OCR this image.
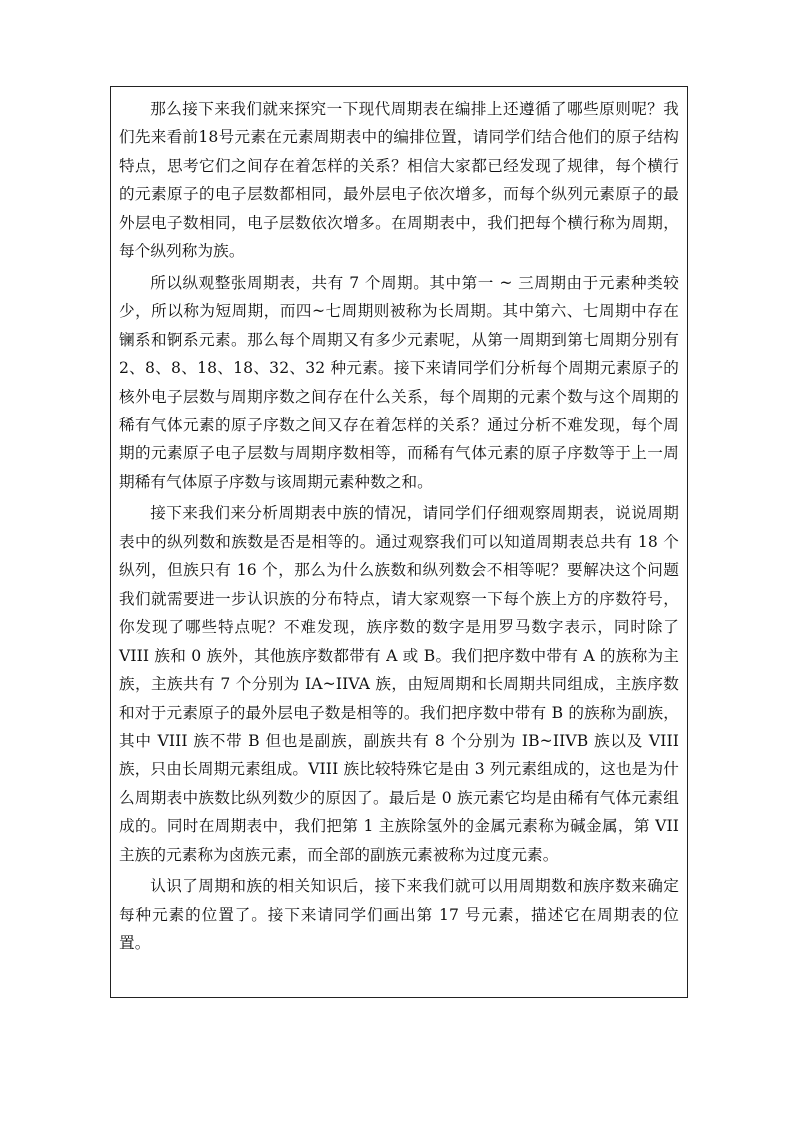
那么接下来我们就来探究一下现代周期表在编排上还遵循了哪些原则呢？我们先来看前18号元素在元素周期表中的编排位置，请同学们结合他们的原子结构特点，思考它们之间存在着怎样的关系？相信大家都已经发现了规律，每个横行的元素原子的电子层数都相同，最外层电子依次增多，而每个纵列元素原子的最外层电子数相同，电子层数依次增多。在周期表中，我们把每个横行称为周期，每个纵列称为族。

所以纵观整张周期表，共有 7 个周期。其中第一 ~ 三周期由于元素种类较少，所以称为短周期，而四~七周期则被称为长周期。其中第六、七周期中存在镧系和锕系元素。那么每个周期又有多少元素呢，从第一周期到第七周期分别有 2、8、8、18、18、32、32 种元素。接下来请同学们分析每个周期元素原子的核外电子层数与周期序数之间存在什么关系，每个周期的元素个数与这个周期的稀有气体元素的原子序数之间又存在着怎样的关系？通过分析不难发现，每个周期的元素原子电子层数与周期序数相等，而稀有气体元素的原子序数等于上一周期稀有气体原子序数与该周期元素种数之和。

接下来我们来分析周期表中族的情况，请同学们仔细观察周期表，说说周期表中的纵列数和族数是否是相等的。通过观察我们可以知道周期表总共有 18 个纵列，但族只有 16 个，那么为什么族数和纵列数会不相等呢？要解决这个问题我们就需要进一步认识族的分布特点，请大家观察一下每个族上方的序数符号，你发现了哪些特点呢？不难发现，族序数的数字是用罗马数字表示，同时除了 VIII 族和 0 族外，其他族序数都带有 A 或 B。我们把序数中带有 A 的族称为主族，主族共有 7 个分别为 IA~IIVA 族，由短周期和长周期共同组成，主族序数和对于元素原子的最外层电子数是相等的。我们把序数中带有 B 的族称为副族，其中 VIII 族不带 B 但也是副族，副族共有 8 个分别为 IB~IIVB 族以及 VIII 族，只由长周期元素组成。VIII 族比较特殊它是由 3 列元素组成的，这也是为什么周期表中族数比纵列数少的原因了。最后是 0 族元素它均是由稀有气体元素组成的。同时在周期表中，我们把第 1 主族除氢外的金属元素称为碱金属，第 VII 主族的元素称为卤族元素，而全部的副族元素被称为过度元素。

认识了周期和族的相关知识后，接下来我们就可以用周期数和族序数来确定每种元素的位置了。接下来请同学们画出第 17 号元素，描述它在周期表的位置。
